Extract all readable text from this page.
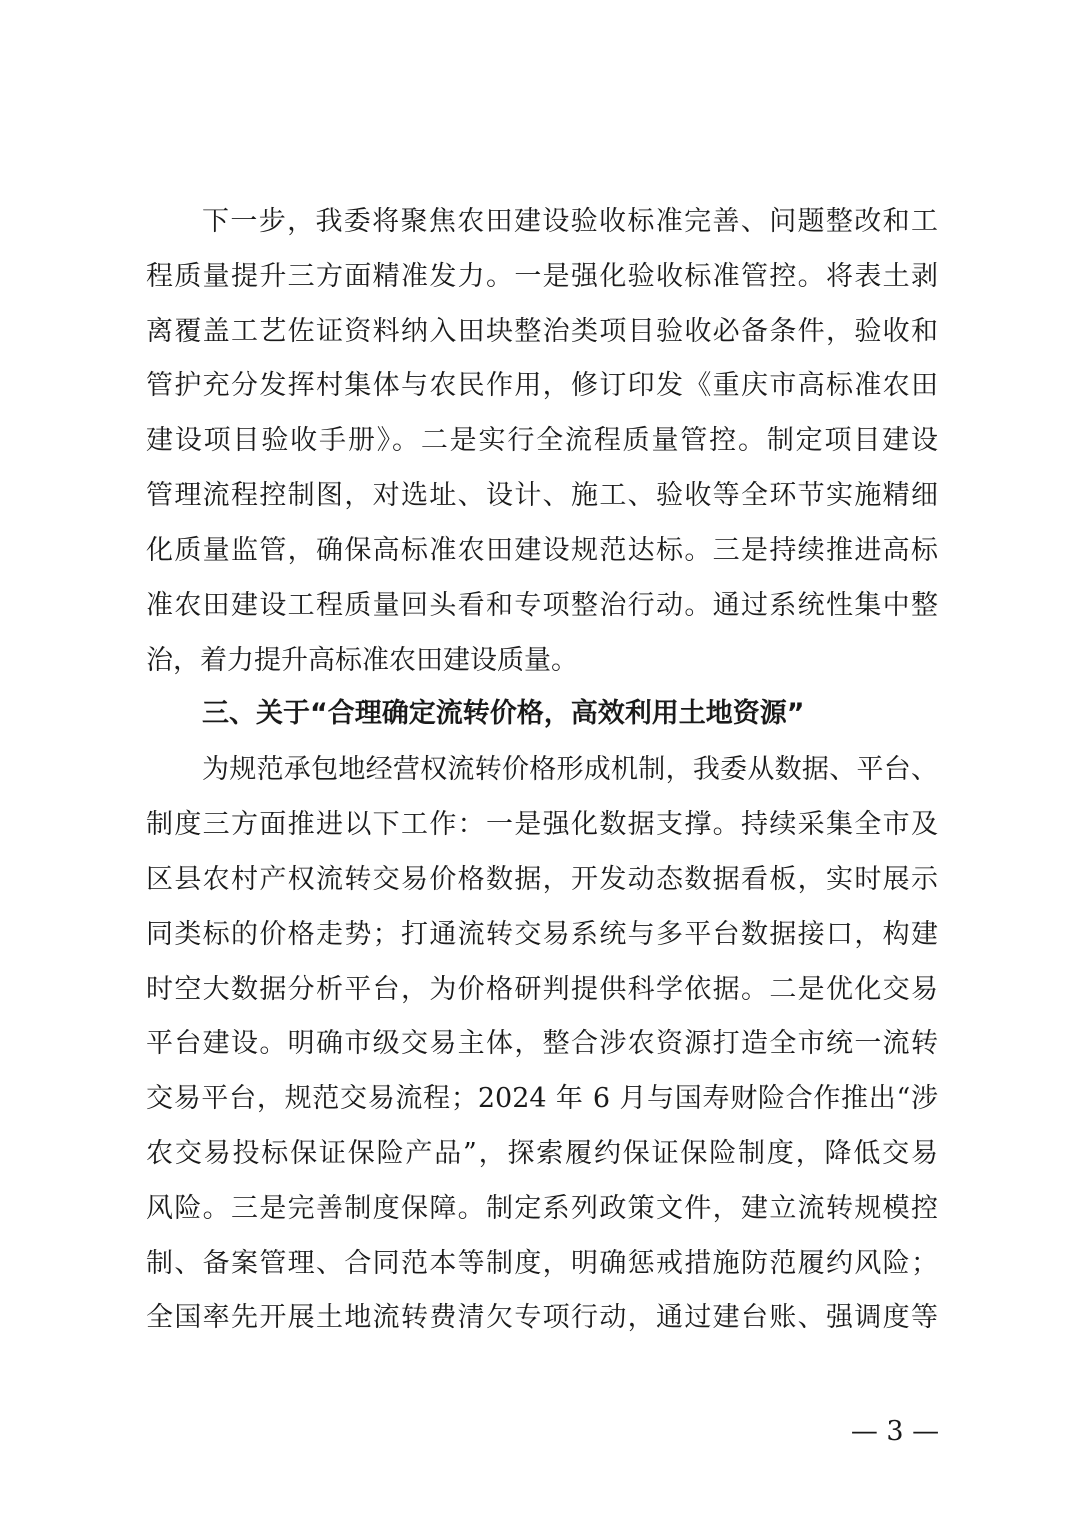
下一步，我委将聚焦农田建设验收标准完善、问题整改和工
程质量提升三方面精准发力。一是强化验收标准管控。将表土剥
离覆盖工艺佐证资料纳入田块整治类项目验收必备条件，验收和
管护充分发挥村集体与农民作用，修订印发《重庆市高标准农田
建设项目验收手册》。二是实行全流程质量管控。制定项目建设
管理流程控制图，对选址、设计、施工、验收等全环节实施精细
化质量监管，确保高标准农田建设规范达标。三是持续推进高标
准农田建设工程质量回头看和专项整治行动。通过系统性集中整
治，着力提升高标准农田建设质量。
三、关于“合理确定流转价格，高效利用土地资源”
为规范承包地经营权流转价格形成机制，我委从数据、平台、
制度三方面推进以下工作：一是强化数据支撑。持续采集全市及
区县农村产权流转交易价格数据，开发动态数据看板，实时展示
同类标的价格走势；打通流转交易系统与多平台数据接口，构建
时空大数据分析平台，为价格研判提供科学依据。二是优化交易
平台建设。明确市级交易主体，整合涉农资源打造全市统一流转
交易平台，规范交易流程；2024 年 6 月与国寿财险合作推出“涉
农交易投标保证保险产品”，探索履约保证保险制度，降低交易
风险。三是完善制度保障。制定系列政策文件，建立流转规模控
制、备案管理、合同范本等制度，明确惩戒措施防范履约风险；
全国率先开展土地流转费清欠专项行动，通过建台账、强调度等
— 3 —
